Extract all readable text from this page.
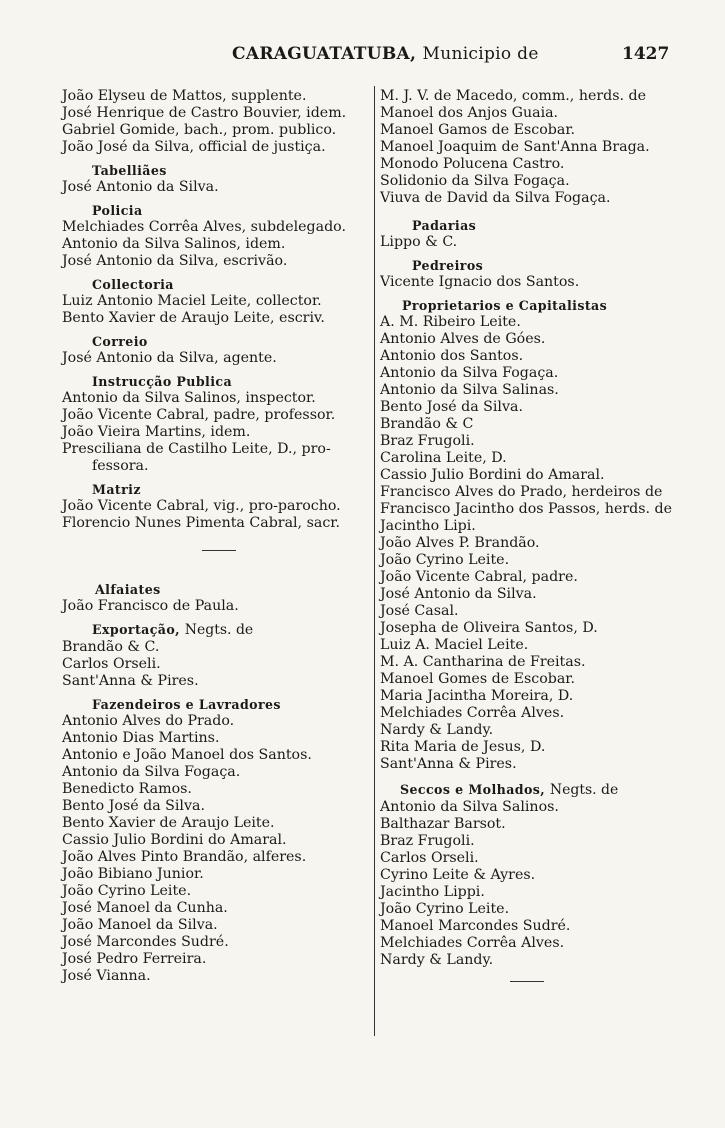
CARAGUATATUBA, Municipio de	1427
João Elyseu de Mattos, supplente.
José Henrique de Castro Bouvier, idem.
Gabriel Gomide, bach., prom. publico.
João José da Silva, official de justiça.
Tabelliães
José Antonio da Silva.
Policia
Melchiades Corrêa Alves, subdelegado.
Antonio da Silva Salinos, idem.
José Antonio da Silva, escrivão.
Collectoria
Luiz Antonio Maciel Leite, collector.
Bento Xavier de Araujo Leite, escriv.
Correio
José Antonio da Silva, agente.
Instrucção Publica
Antonio da Silva Salinos, inspector.
João Vicente Cabral, padre, professor.
João Vieira Martins, idem.
Presciliana de Castilho Leite, D., pro-
fessora.
Matriz
João Vicente Cabral, vig., pro-parocho.
Florencio Nunes Pimenta Cabral, sacr.
Alfaiates
João Francisco de Paula.
Exportação, Negts. de
Brandão & C.
Carlos Orseli.
Sant'Anna & Pires.
Fazendeiros e Lavradores
Antonio Alves do Prado.
Antonio Dias Martins.
Antonio e João Manoel dos Santos.
Antonio da Silva Fogaça.
Benedicto Ramos.
Bento José da Silva.
Bento Xavier de Araujo Leite.
Cassio Julio Bordini do Amaral.
João Alves Pinto Brandão, alferes.
João Bibiano Junior.
João Cyrino Leite.
José Manoel da Cunha.
João Manoel da Silva.
José Marcondes Sudré.
José Pedro Ferreira.
José Vianna.
M. J. V. de Macedo, comm., herds. de
Manoel dos Anjos Guaia.
Manoel Gamos de Escobar.
Manoel Joaquim de Sant'Anna Braga.
Monodo Polucena Castro.
Solidonio da Silva Fogaça.
Viuva de David da Silva Fogaça.
Padarias
Lippo & C.
Pedreiros
Vicente Ignacio dos Santos.
Proprietarios e Capitalistas
A. M. Ribeiro Leite.
Antonio Alves de Góes.
Antonio dos Santos.
Antonio da Silva Fogaça.
Antonio da Silva Salinas.
Bento José da Silva.
Brandão & C
Braz Frugoli.
Carolina Leite, D.
Cassio Julio Bordini do Amaral.
Francisco Alves do Prado, herdeiros de
Francisco Jacintho dos Passos, herds. de
Jacintho Lipi.
João Alves P. Brandão.
João Cyrino Leite.
João Vicente Cabral, padre.
José Antonio da Silva.
José Casal.
Josepha de Oliveira Santos, D.
Luiz A. Maciel Leite.
M. A. Cantharina de Freitas.
Manoel Gomes de Escobar.
Maria Jacintha Moreira, D.
Melchiades Corrêa Alves.
Nardy & Landy.
Rita Maria de Jesus, D.
Sant'Anna & Pires.
Seccos e Molhados, Negts. de
Antonio da Silva Salinos.
Balthazar Barsot.
Braz Frugoli.
Carlos Orseli.
Cyrino Leite & Ayres.
Jacintho Lippi.
João Cyrino Leite.
Manoel Marcondes Sudré.
Melchiades Corrêa Alves.
Nardy & Landy.
